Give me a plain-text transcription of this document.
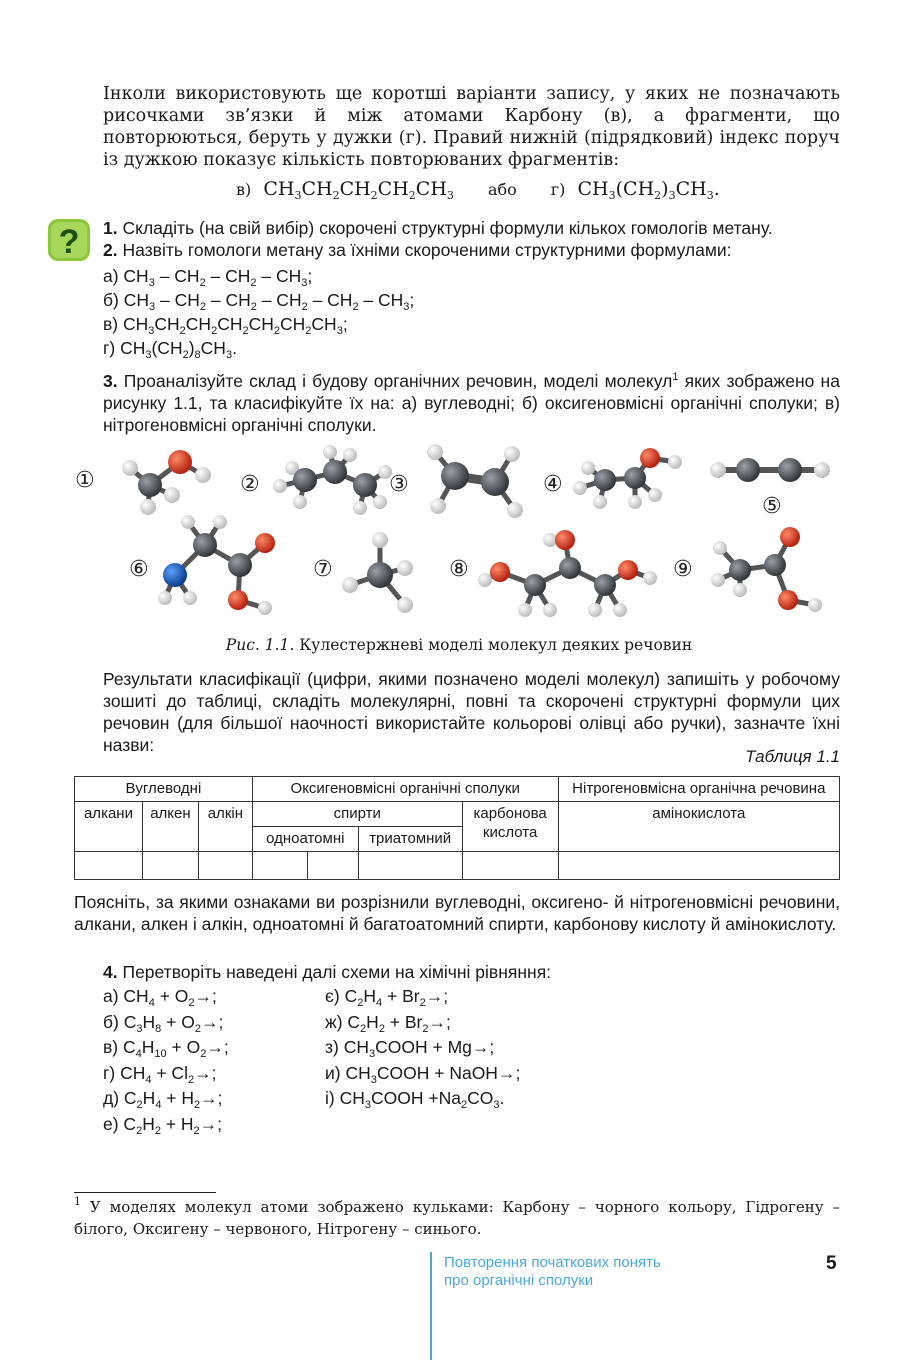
Інколи використовують ще коротші варіанти запису, у яких не позначають рисочками зв’язки й між атомами Карбону (в), а фрагменти, що повторюються, беруть у дужки (г). Правий нижній (підрядковий) індекс поруч із дужкою показує кількість повторюваних фрагментів:

в)  $CH_3CH_2CH_2CH_2CH_3$ або г)  $CH_3(CH_2)_3CH_3$.
? 1. Складіть (на свій вибір) скорочені структурні формули кількох гомологів метану.
2. Назвіть гомологи метану за їхніми скороченими структурними формулами:
а) $CH_3 - CH_2 - CH_2 - CH_3$;
б) $CH_3 - CH_2 - CH_2 - CH_2 - CH_2 - CH_3$;
в) $CH_3CH_2CH_2CH_2CH_2CH_2CH_3$;
г) $CH_3(CH_2)_8CH_3$.
3. Проаналізуйте склад і будову органічних речовин, моделі молекул$^1$ яких зображено на рисунку 1.1, та класифікуйте їх на: а) вуглеводні; б) оксигеновмісні органічні сполуки; в) нітрогеновмісні органічні сполуки.
①	②	③	④
⑤
⑥	⑦	⑧	⑨
Рис. 1.1. Кулестержневі моделі молекул деяких речовин
Результати класифікації (цифри, якими позначено моделі молекул) запишіть у робочому зошиті до таблиці, складіть молекулярні, повні та скорочені структурні формули цих речовин (для більшої наочності використайте кольорові олівці або ручки), зазначте їхні назви:
Таблиця 1.1
Вуглеводні			Оксигеновмісні органічні сполуки				Нітрогеновмісна органічна речовина
алкани	алкен	алкін	спирти			карбонова кислота	амінокислота
			одноатомні		триатомний		

Поясніть, за якими ознаками ви розрізнили вуглеводні, оксигено- й нітрогеновмісні речовини, алкани, алкен і алкін, одноатомні й багатоатомний спирти, карбонову кислоту й амінокислоту.
4. Перетворіть наведені далі схеми на хімічні рівняння:
а) $CH_4 + O_2\to$;
б) $C_3H_8 + O_2\to$;
в) $C_4H_{10} + O_2\to$;
г) $CH_4 + Cl_2\to$;
д) $C_2H_4 + H_2\to$;
е) $C_2H_2 + H_2\to$;
є) $C_2H_4 + Br_2\to$;
ж) $C_2H_2 + Br_2\to$;
з) $CH_3COOH + Mg\to$;
и) $CH_3COOH$ + NaOH→;
і) $CH_3COOH +Na_2CO_3$.
$^1$ У моделях молекул атоми зображено кульками: Карбону – чорного кольору, Гідрогену – білого, Оксигену – червоного, Нітрогену – синього.
Повторення початкових понять
про органічні сполуки
5
